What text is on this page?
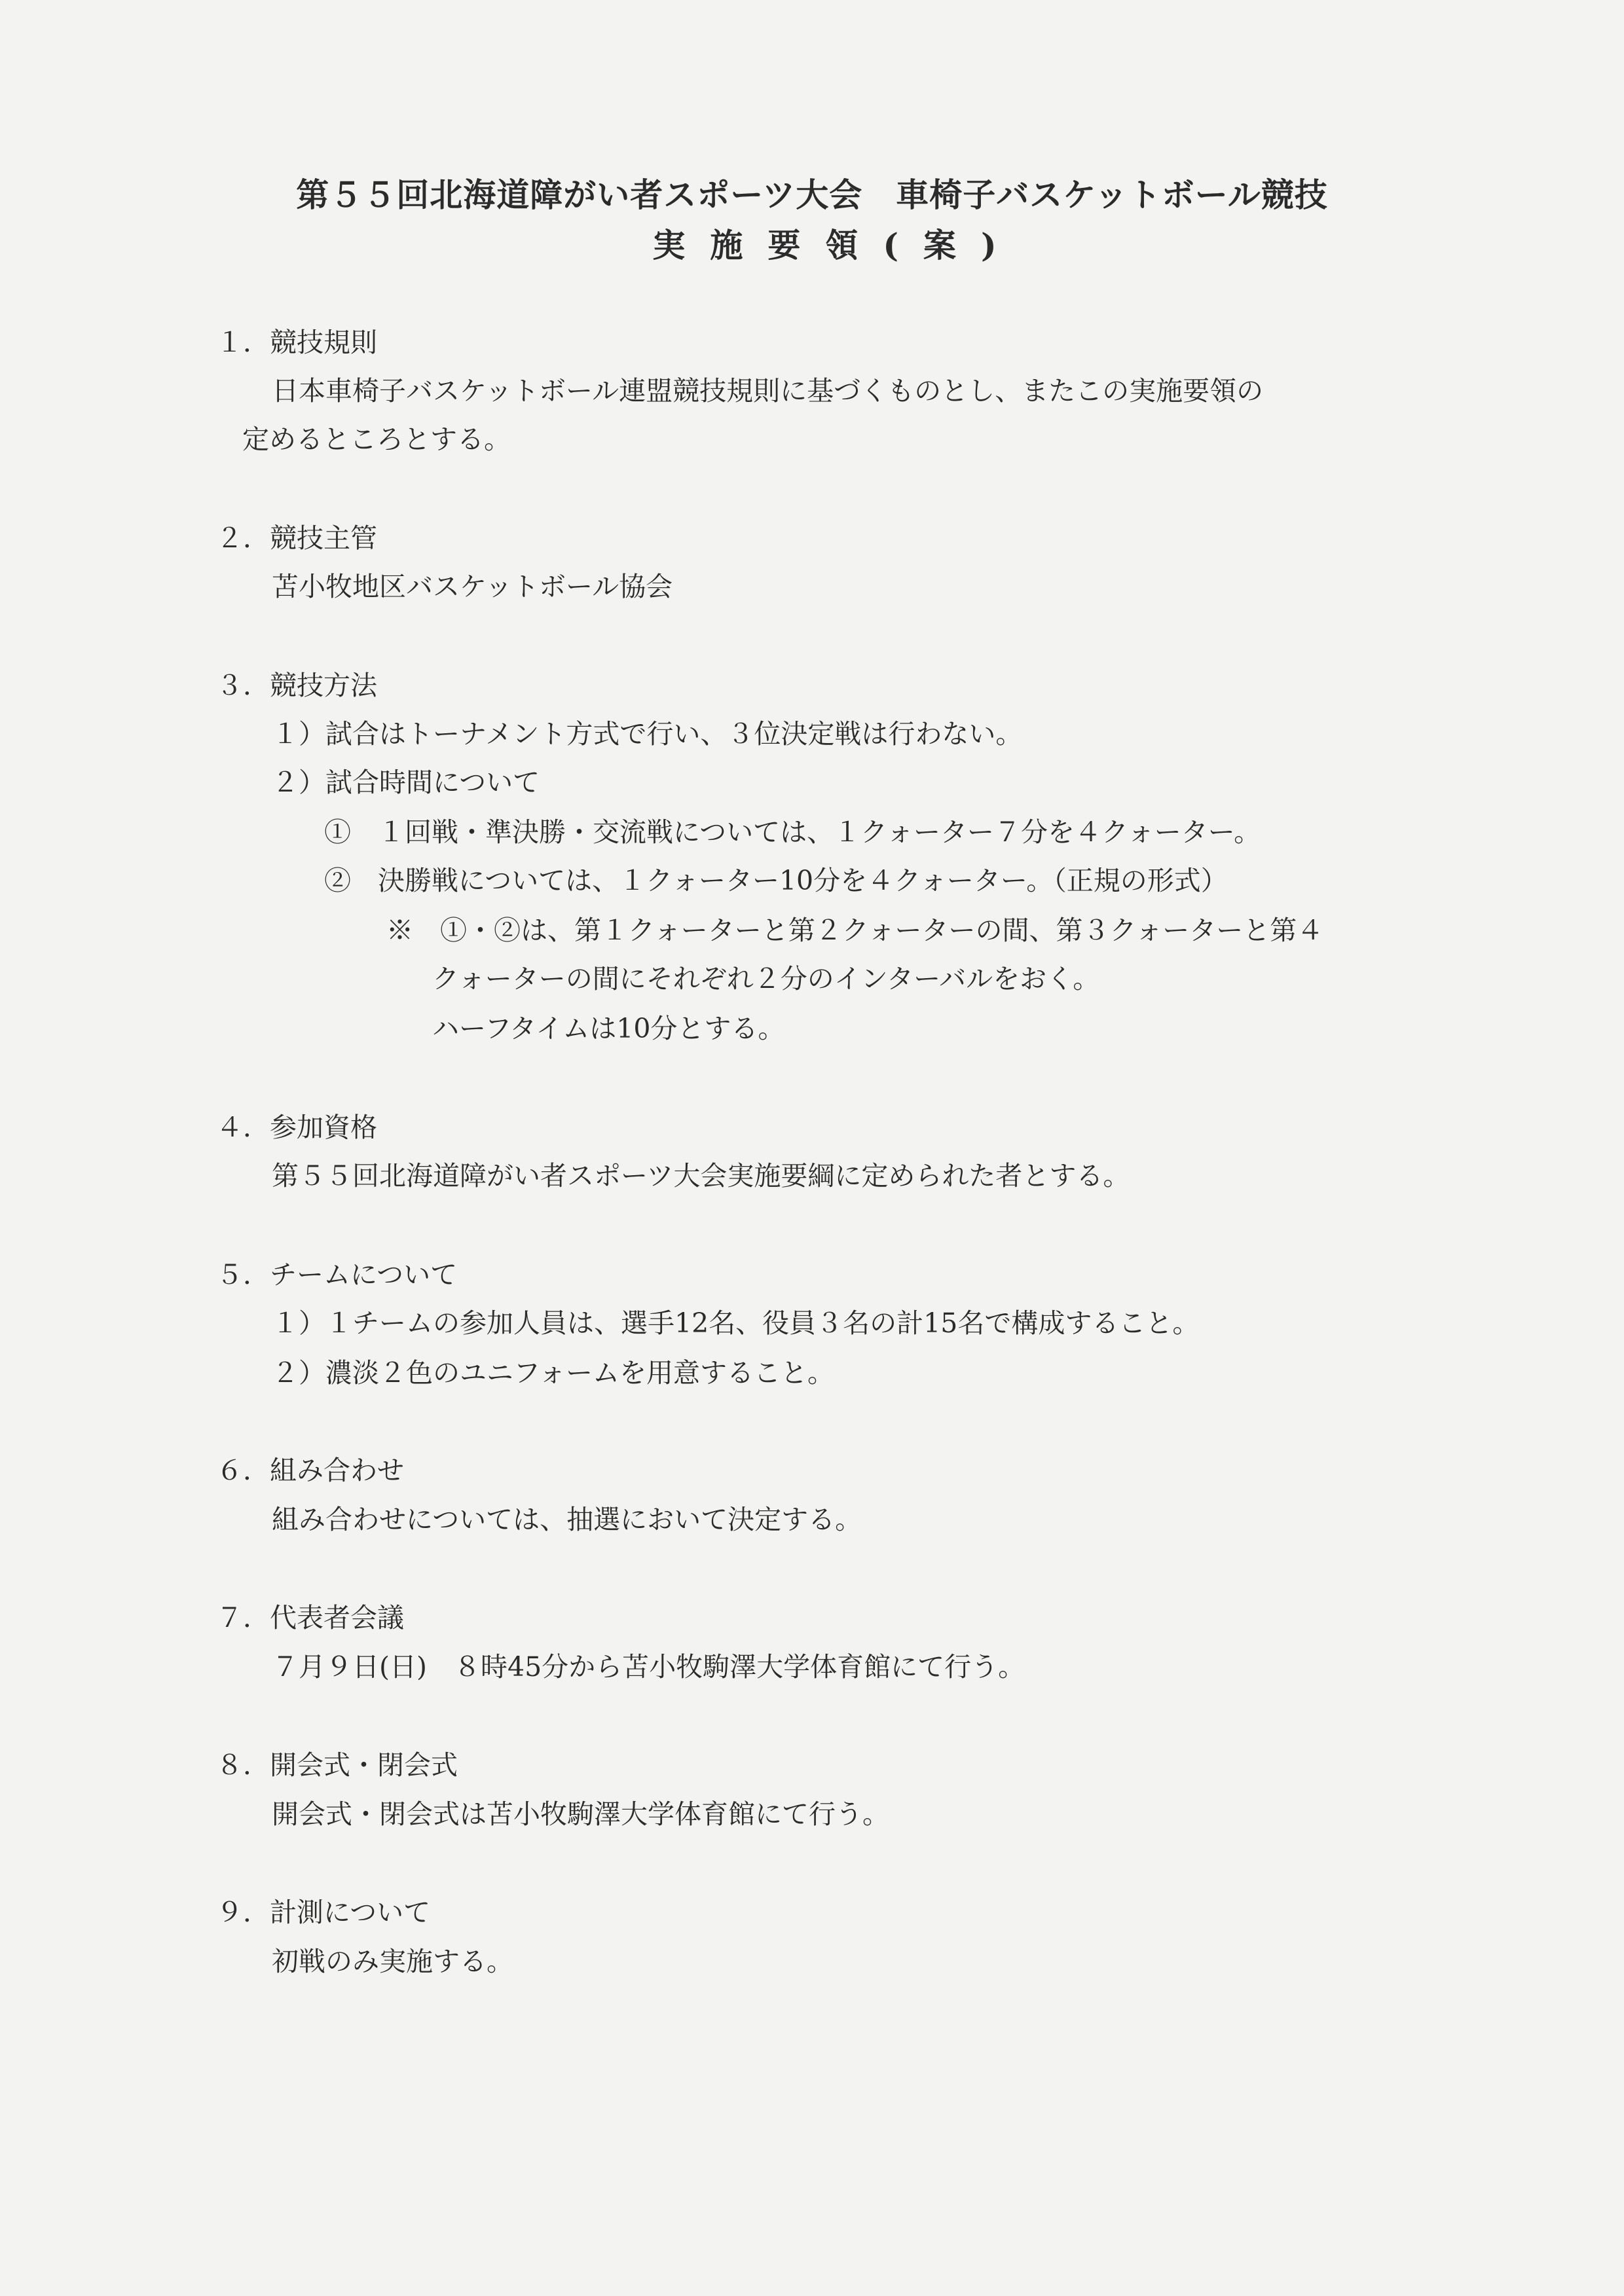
第５５回北海道障がい者スポーツ大会　車椅子バスケットボール競技
実施要領(案)
１．競技規則
日本車椅子バスケットボール連盟競技規則に基づくものとし、またこの実施要領の
定めるところとする。
２．競技主管
苫小牧地区バスケットボール協会
３．競技方法
１）試合はトーナメント方式で行い、３位決定戦は行わない。
２）試合時間について
①　１回戦・準決勝・交流戦については、１クォーター７分を４クォーター。
②　決勝戦については、１クォーター10分を４クォーター。（正規の形式）
※　①・②は、第１クォーターと第２クォーターの間、第３クォーターと第４
クォーターの間にそれぞれ２分のインターバルをおく。
ハーフタイムは10分とする。
４．参加資格
第５５回北海道障がい者スポーツ大会実施要綱に定められた者とする。
５．チームについて
１）１チームの参加人員は、選手12名、役員３名の計15名で構成すること。
２）濃淡２色のユニフォームを用意すること。
６．組み合わせ
組み合わせについては、抽選において決定する。
７．代表者会議
７月９日(日)　８時45分から苫小牧駒澤大学体育館にて行う。
８．開会式・閉会式
開会式・閉会式は苫小牧駒澤大学体育館にて行う。
９．計測について
初戦のみ実施する。
